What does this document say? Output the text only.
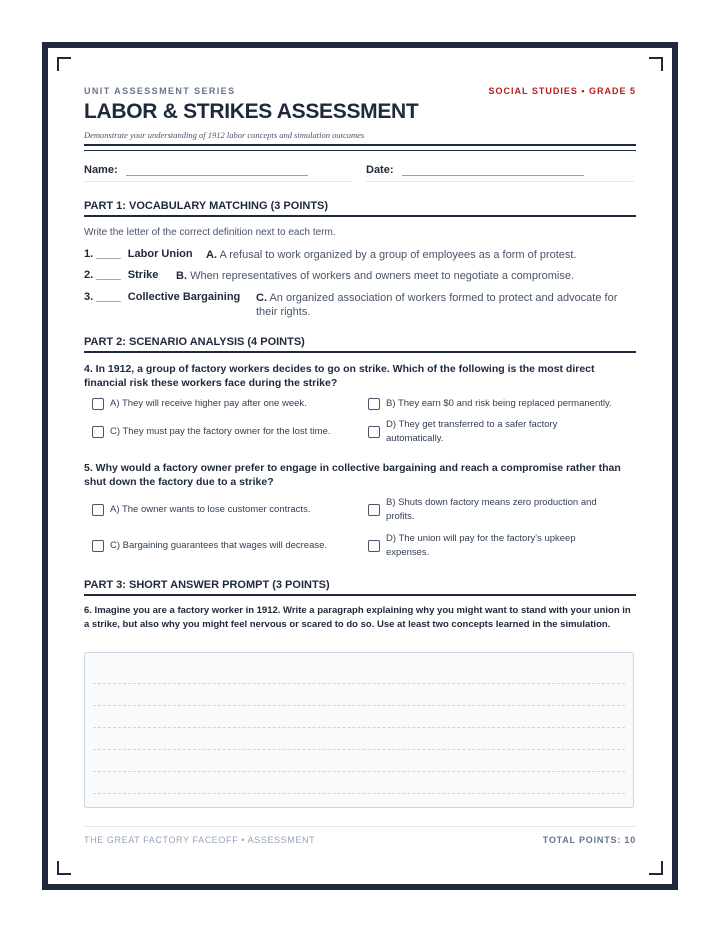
UNIT ASSESSMENT SERIES	SOCIAL STUDIES • GRADE 5
LABOR & STRIKES ASSESSMENT
Demonstrate your understanding of 1912 labor concepts and simulation outcomes
Name:	Date:
PART 1: VOCABULARY MATCHING (3 POINTS)
Write the letter of the correct definition next to each term.
1. ____ Labor Union A. A refusal to work organized by a group of employees as a form of protest.
2. ____ Strike B. When representatives of workers and owners meet to negotiate a compromise.
3. ____ Collective Bargaining C. An organized association of workers formed to protect and advocate for their rights.
PART 2: SCENARIO ANALYSIS (4 POINTS)
4. In 1912, a group of factory workers decides to go on strike. Which of the following is the most direct financial risk these workers face during the strike?
A) They will receive higher pay after one week.	B) They earn $0 and risk being replaced permanently.
C) They must pay the factory owner for the lost time.
D) They get transferred to a safer factory automatically.
5. Why would a factory owner prefer to engage in collective bargaining and reach a compromise rather than shut down the factory due to a strike?
A) The owner wants to lose customer contracts.
B) Shuts down factory means zero production and profits.
C) Bargaining guarantees that wages will decrease.
D) The union will pay for the factory's upkeep expenses.
PART 3: SHORT ANSWER PROMPT (3 POINTS)
6. Imagine you are a factory worker in 1912. Write a paragraph explaining why you might want to stand with your union in a strike, but also why you might feel nervous or scared to do so. Use at least two concepts learned in the simulation.
THE GREAT FACTORY FACEOFF • ASSESSMENT	TOTAL POINTS: 10
